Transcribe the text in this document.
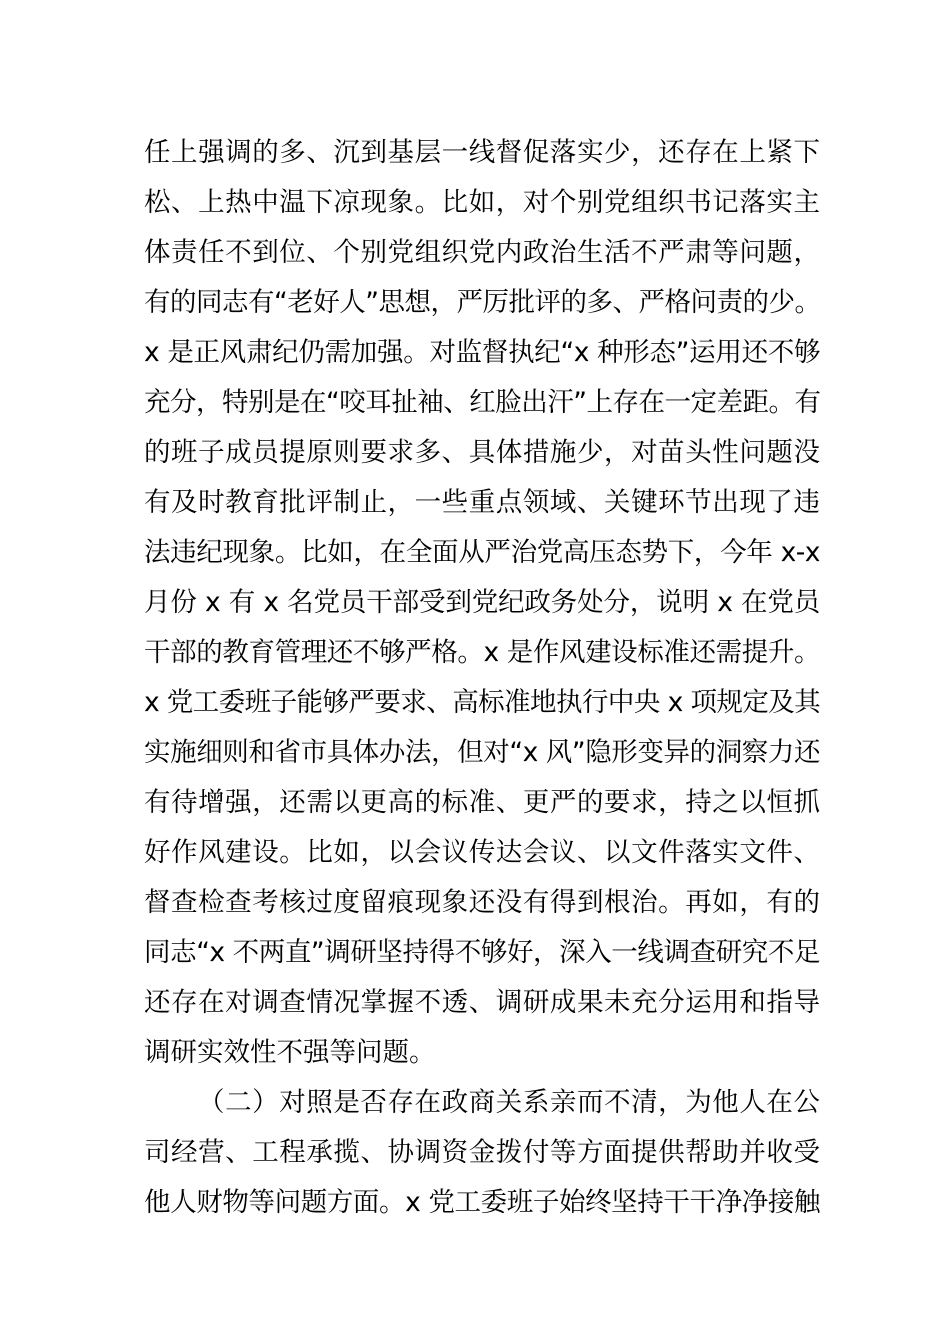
任上强调的多、沉到基层一线督促落实少，还存在上紧下
松、上热中温下凉现象。比如，对个别党组织书记落实主
体责任不到位、个别党组织党内政治生活不严肃等问题，
有的同志有“老好人”思想，严厉批评的多、严格问责的少。
x 是正风肃纪仍需加强。对监督执纪“x 种形态”运用还不够
充分，特别是在“咬耳扯袖、红脸出汗”上存在一定差距。有
的班子成员提原则要求多、具体措施少，对苗头性问题没
有及时教育批评制止，一些重点领域、关键环节出现了违
法违纪现象。比如，在全面从严治党高压态势下，今年 x-x
月份 x 有 x 名党员干部受到党纪政务处分，说明 x 在党员
干部的教育管理还不够严格。x 是作风建设标准还需提升。
x 党工委班子能够严要求、高标准地执行中央 x 项规定及其
实施细则和省市具体办法，但对“x 风”隐形变异的洞察力还
有待增强，还需以更高的标准、更严的要求，持之以恒抓
好作风建设。比如，以会议传达会议、以文件落实文件、
督查检查考核过度留痕现象还没有得到根治。再如，有的
同志“x 不两直”调研坚持得不够好，深入一线调查研究不足
还存在对调查情况掌握不透、调研成果未充分运用和指导
调研实效性不强等问题。
（二）对照是否存在政商关系亲而不清，为他人在公
司经营、工程承揽、协调资金拨付等方面提供帮助并收受
他人财物等问题方面。x 党工委班子始终坚持干干净净接触
